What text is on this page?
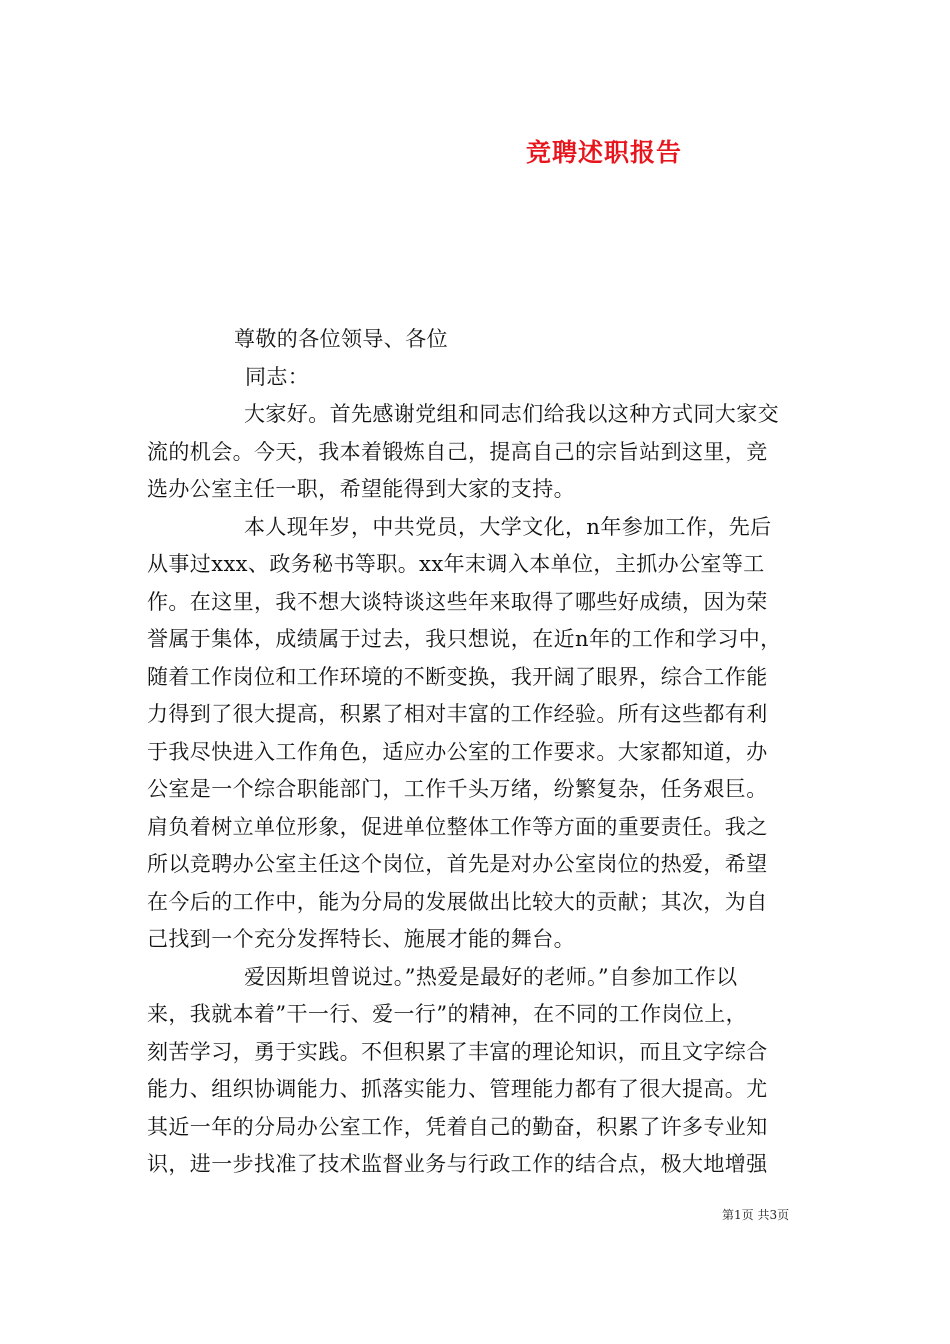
竞聘述职报告
尊敬的各位领导、各位
同志：
大家好。首先感谢党组和同志们给我以这种方式同大家交
流的机会。今天，我本着锻炼自己，提高自己的宗旨站到这里，竞
选办公室主任一职，希望能得到大家的支持。
本人现年岁，中共党员，大学文化，n年参加工作，先后
从事过xxx、政务秘书等职。xx年末调入本单位，主抓办公室等工
作。在这里，我不想大谈特谈这些年来取得了哪些好成绩，因为荣
誉属于集体，成绩属于过去，我只想说，在近n年的工作和学习中，
随着工作岗位和工作环境的不断变换，我开阔了眼界，综合工作能
力得到了很大提高，积累了相对丰富的工作经验。所有这些都有利
于我尽快进入工作角色，适应办公室的工作要求。大家都知道，办
公室是一个综合职能部门，工作千头万绪，纷繁复杂，任务艰巨。
肩负着树立单位形象，促进单位整体工作等方面的重要责任。我之
所以竞聘办公室主任这个岗位，首先是对办公室岗位的热爱，希望
在今后的工作中，能为分局的发展做出比较大的贡献；其次，为自
己找到一个充分发挥特长、施展才能的舞台。
爱因斯坦曾说过。”热爱是最好的老师。”自参加工作以
来，我就本着”干一行、爱一行”的精神，在不同的工作岗位上，
刻苦学习，勇于实践。不但积累了丰富的理论知识，而且文字综合
能力、组织协调能力、抓落实能力、管理能力都有了很大提高。尤
其近一年的分局办公室工作，凭着自己的勤奋，积累了许多专业知
识，进一步找准了技术监督业务与行政工作的结合点，极大地增强
第1页 共3页
